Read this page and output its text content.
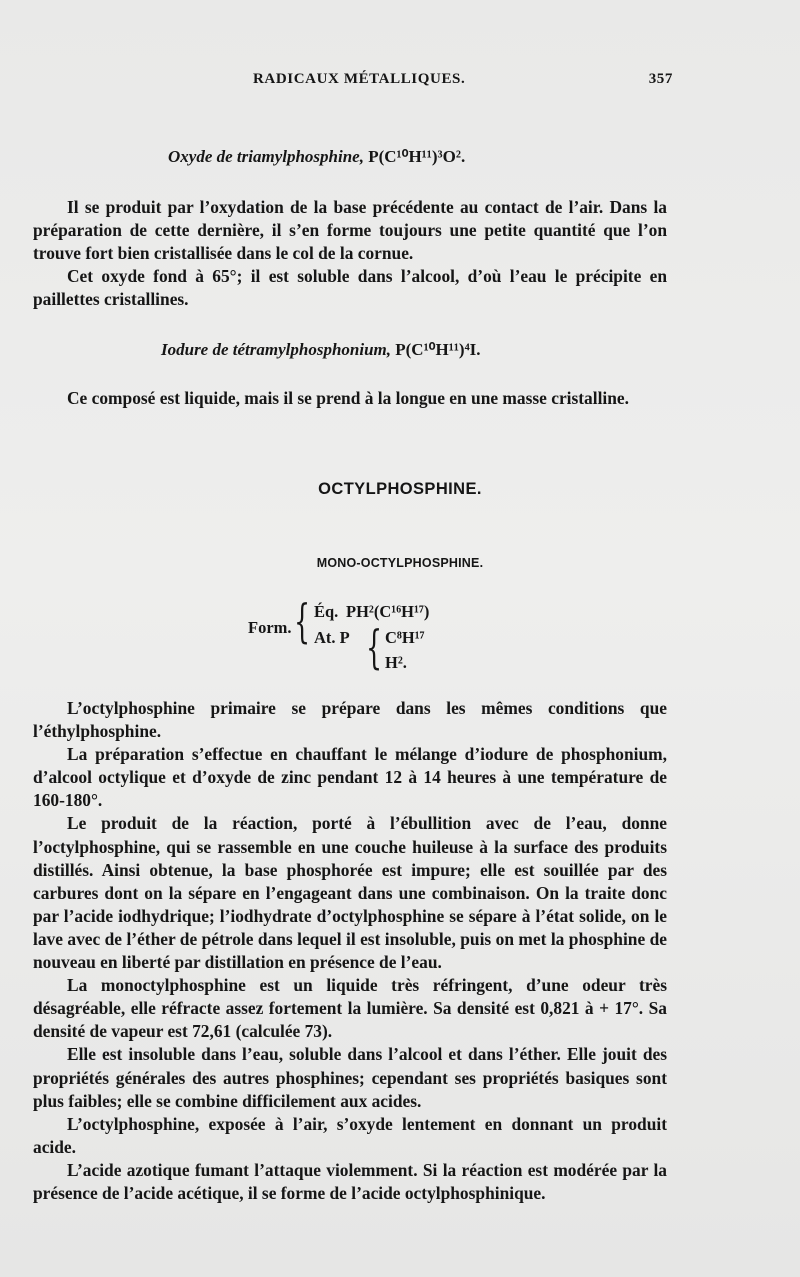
RADICAUX MÉTALLIQUES.	357
Oxyde de triamylphosphine, P(C¹⁰H¹¹)³O².

Il se produit par l’oxydation de la base précédente au contact de l’air. Dans la préparation de cette dernière, il s’en forme toujours une petite quantité que l’on trouve fort bien cristallisée dans le col de la cornue.

Cet oxyde fond à 65°; il est soluble dans l’alcool, d’où l’eau le précipite en paillettes cristallines.

Iodure de tétramylphosphonium, P(C¹⁰H¹¹)⁴I.

Ce composé est liquide, mais il se prend à la longue en une masse cristalline.

OCTYLPHOSPHINE.
MONO-OCTYLPHOSPHINE.
Form. { Éq. PH²(C¹⁶H¹⁷)
At. P { C⁸H¹⁷
H².

L’octylphosphine primaire se prépare dans les mêmes conditions que l’éthylphosphine.

La préparation s’effectue en chauffant le mélange d’iodure de phosphonium, d’alcool octylique et d’oxyde de zinc pendant 12 à 14 heures à une température de 160-180°.

Le produit de la réaction, porté à l’ébullition avec de l’eau, donne l’octylphosphine, qui se rassemble en une couche huileuse à la surface des produits distillés. Ainsi obtenue, la base phosphorée est impure; elle est souillée par des carbures dont on la sépare en l’engageant dans une combinaison. On la traite donc par l’acide iodhydrique; l’iodhydrate d’octylphosphine se sépare à l’état solide, on le lave avec de l’éther de pétrole dans lequel il est insoluble, puis on met la phosphine de nouveau en liberté par distillation en présence de l’eau.

La monoctylphosphine est un liquide très réfringent, d’une odeur très désagréable, elle réfracte assez fortement la lumière. Sa densité est 0,821 à + 17°. Sa densité de vapeur est 72,61 (calculée 73).

Elle est insoluble dans l’eau, soluble dans l’alcool et dans l’éther. Elle jouit des propriétés générales des autres phosphines; cependant ses propriétés basiques sont plus faibles; elle se combine difficilement aux acides.

L’octylphosphine, exposée à l’air, s’oxyde lentement en donnant un produit acide.

L’acide azotique fumant l’attaque violemment. Si la réaction est modérée par la présence de l’acide acétique, il se forme de l’acide octylphosphinique.
